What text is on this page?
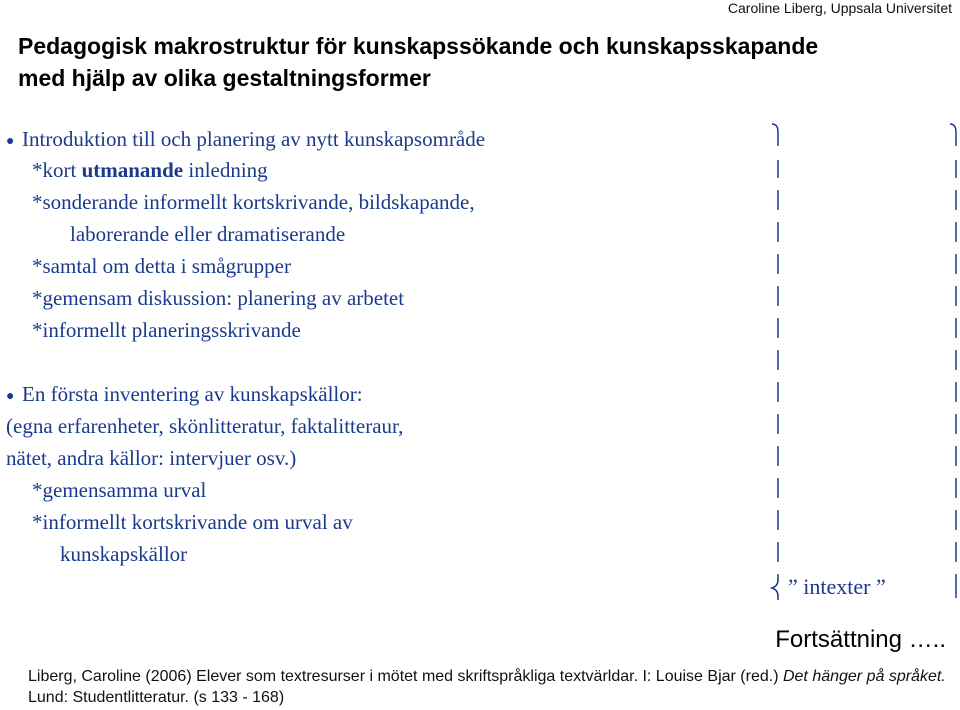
Caroline Liberg, Uppsala Universitet
Pedagogisk makrostruktur för kunskapssökande och kunskapsskapande
med hjälp av olika gestaltningsformer
● Introduktion till och planering av nytt kunskapsområde
*kort utmanande inledning
*sonderande informellt kortskrivande, bildskapande,
laborerande eller dramatiserande
*samtal om detta i smågrupper
*gemensam diskussion: planering av arbetet
*informellt planeringsskrivande
● En första inventering av kunskapskällor:
(egna erfarenheter, skönlitteratur, faktalitteraur,
nätet, andra källor: intervjuer osv.)
*gemensamma urval
*informellt kortskrivande om urval av
kunskapskällor
” intexter ”
Fortsättning …..
Liberg, Caroline (2006) Elever som textresurser i mötet med skriftspråkliga textvärldar. I: Louise Bjar (red.) Det hänger på språket. Lund: Studentlitteratur. (s 133 - 168)
